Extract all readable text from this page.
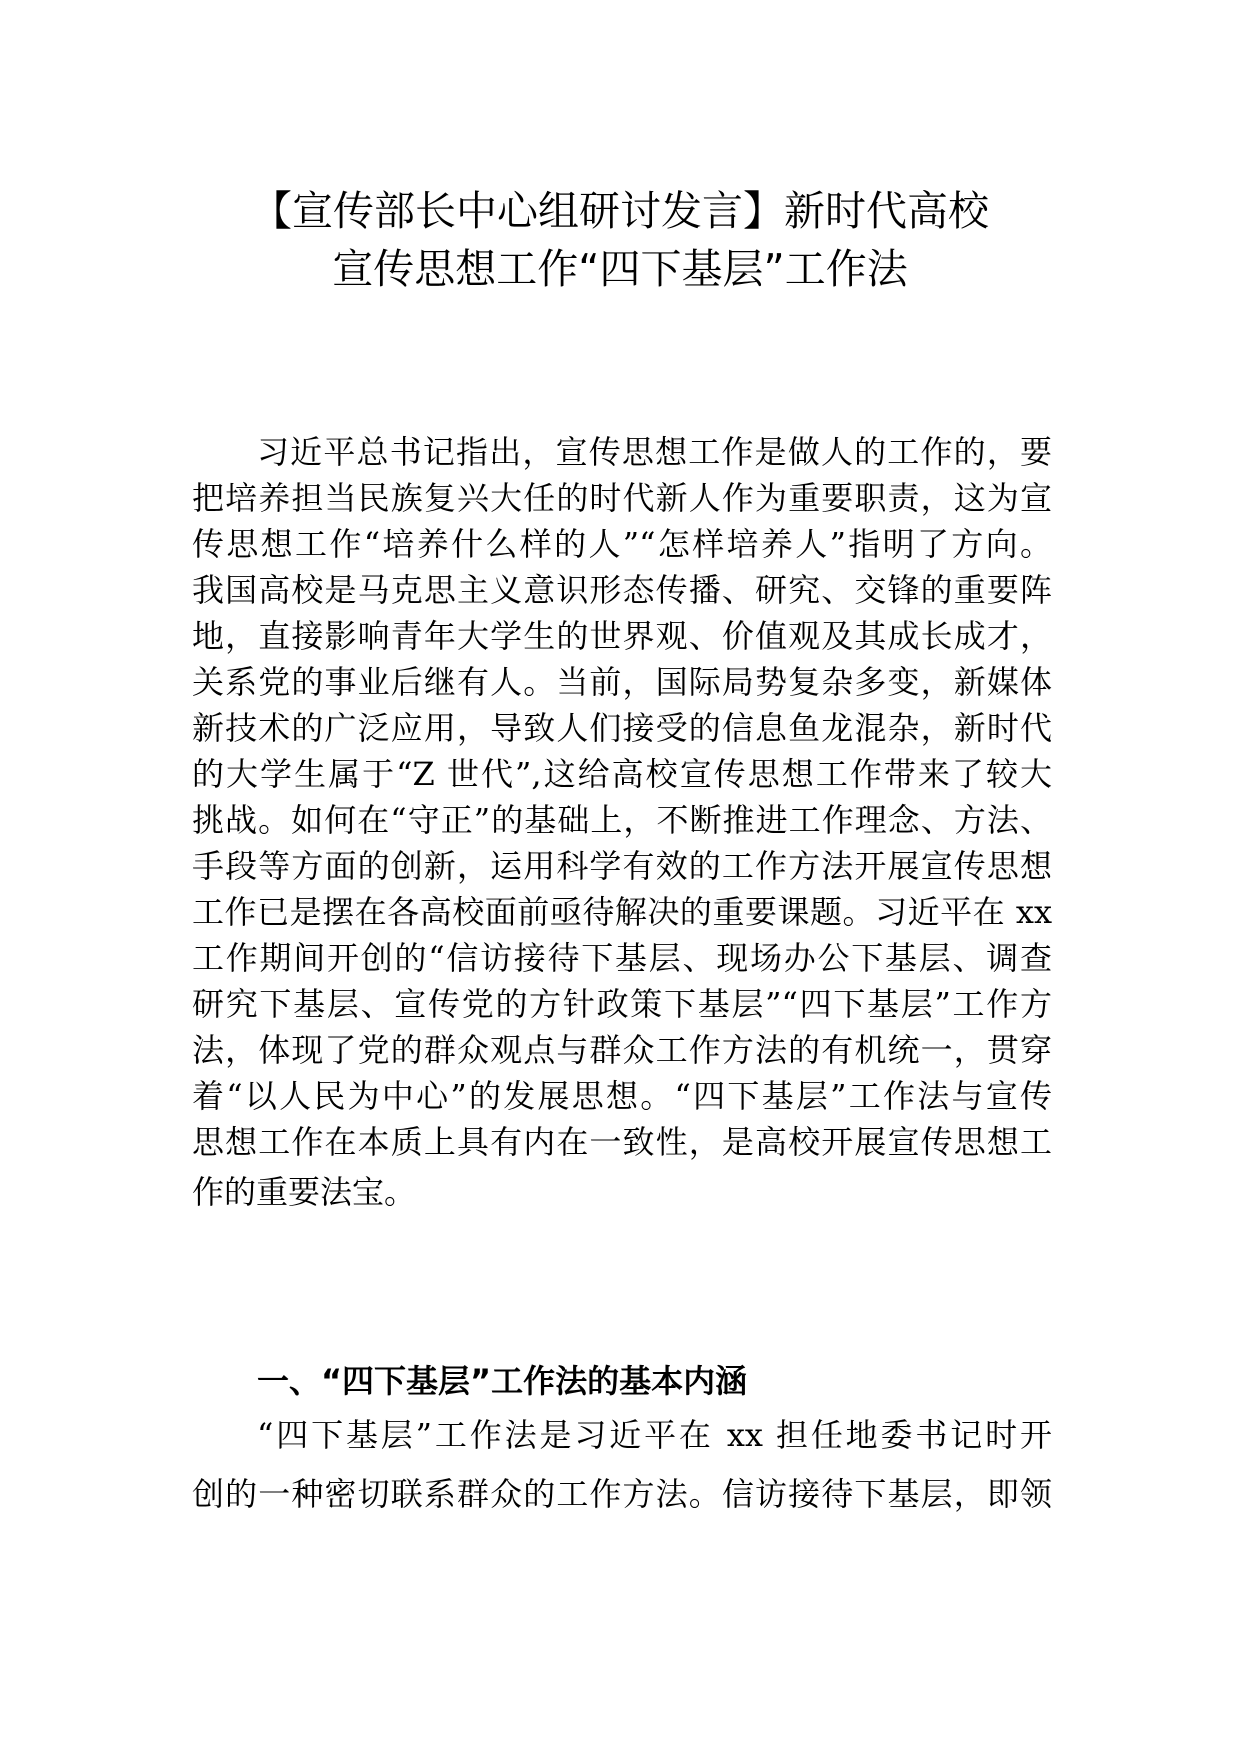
【宣传部长中心组研讨发言】新时代高校
宣传思想工作“四下基层”工作法
习近平总书记指出，宣传思想工作是做人的工作的，要
把培养担当民族复兴大任的时代新人作为重要职责，这为宣
传思想工作“培养什么样的人”“怎样培养人”指明了方向。
我国高校是马克思主义意识形态传播、研究、交锋的重要阵
地，直接影响青年大学生的世界观、价值观及其成长成才，
关系党的事业后继有人。当前，国际局势复杂多变，新媒体
新技术的广泛应用，导致人们接受的信息鱼龙混杂，新时代
的大学生属于“Z 世代”,这给高校宣传思想工作带来了较大
挑战。如何在“守正”的基础上，不断推进工作理念、方法、
手段等方面的创新，运用科学有效的工作方法开展宣传思想
工作已是摆在各高校面前亟待解决的重要课题。习近平在 xx
工作期间开创的“信访接待下基层、现场办公下基层、调查
研究下基层、宣传党的方针政策下基层”“四下基层”工作方
法，体现了党的群众观点与群众工作方法的有机统一，贯穿
着“以人民为中心”的发展思想。“四下基层”工作法与宣传
思想工作在本质上具有内在一致性，是高校开展宣传思想工
作的重要法宝。
一、“四下基层”工作法的基本内涵
“四下基层”工作法是习近平在 xx 担任地委书记时开
创的一种密切联系群众的工作方法。信访接待下基层，即领
